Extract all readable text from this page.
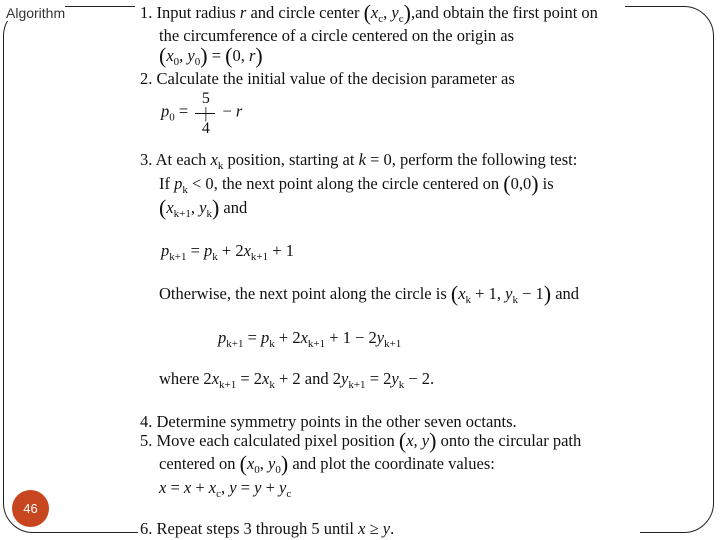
Algorithm	1. Input radius r and circle center ($x_c$, $y_c),and$ obtain the first point on
the circumference of a circle centered on the origin as
($x_0$, $y_0) = (0$, r)
2. Calculate the initial value of the decision parameter as
$p_0 = 5|4 - r$
3. At each $x_k$ position, starting at k = 0, perform the following test:
If $p_k < 0$, the next point along the circle centered on (0,0) is
($x_{k+1}$, $y_k$) and
$p_{k+1} = p_k + 2x_{k+1} + 1$
Otherwise, the next point along the circle is ($x_k + 1$, $y_k - 1$) and
$p_{k+1} = p_k + 2x_{k+1} + 1 - 2y_{k+1}$
where $2x_{k+1} = 2x_k + 2$ and $2y_{k+1} = 2y_k - 2$.
4. Determine symmetry points in the other seven octants.
5. Move each calculated pixel position (x, y) onto the circular path
centered on ($x_0$, $y_0$) and plot the coordinate values:
$x = x + x_c$, $y = y + y_c$
6. Repeat steps 3 through 5 until x ≥ y.
46
